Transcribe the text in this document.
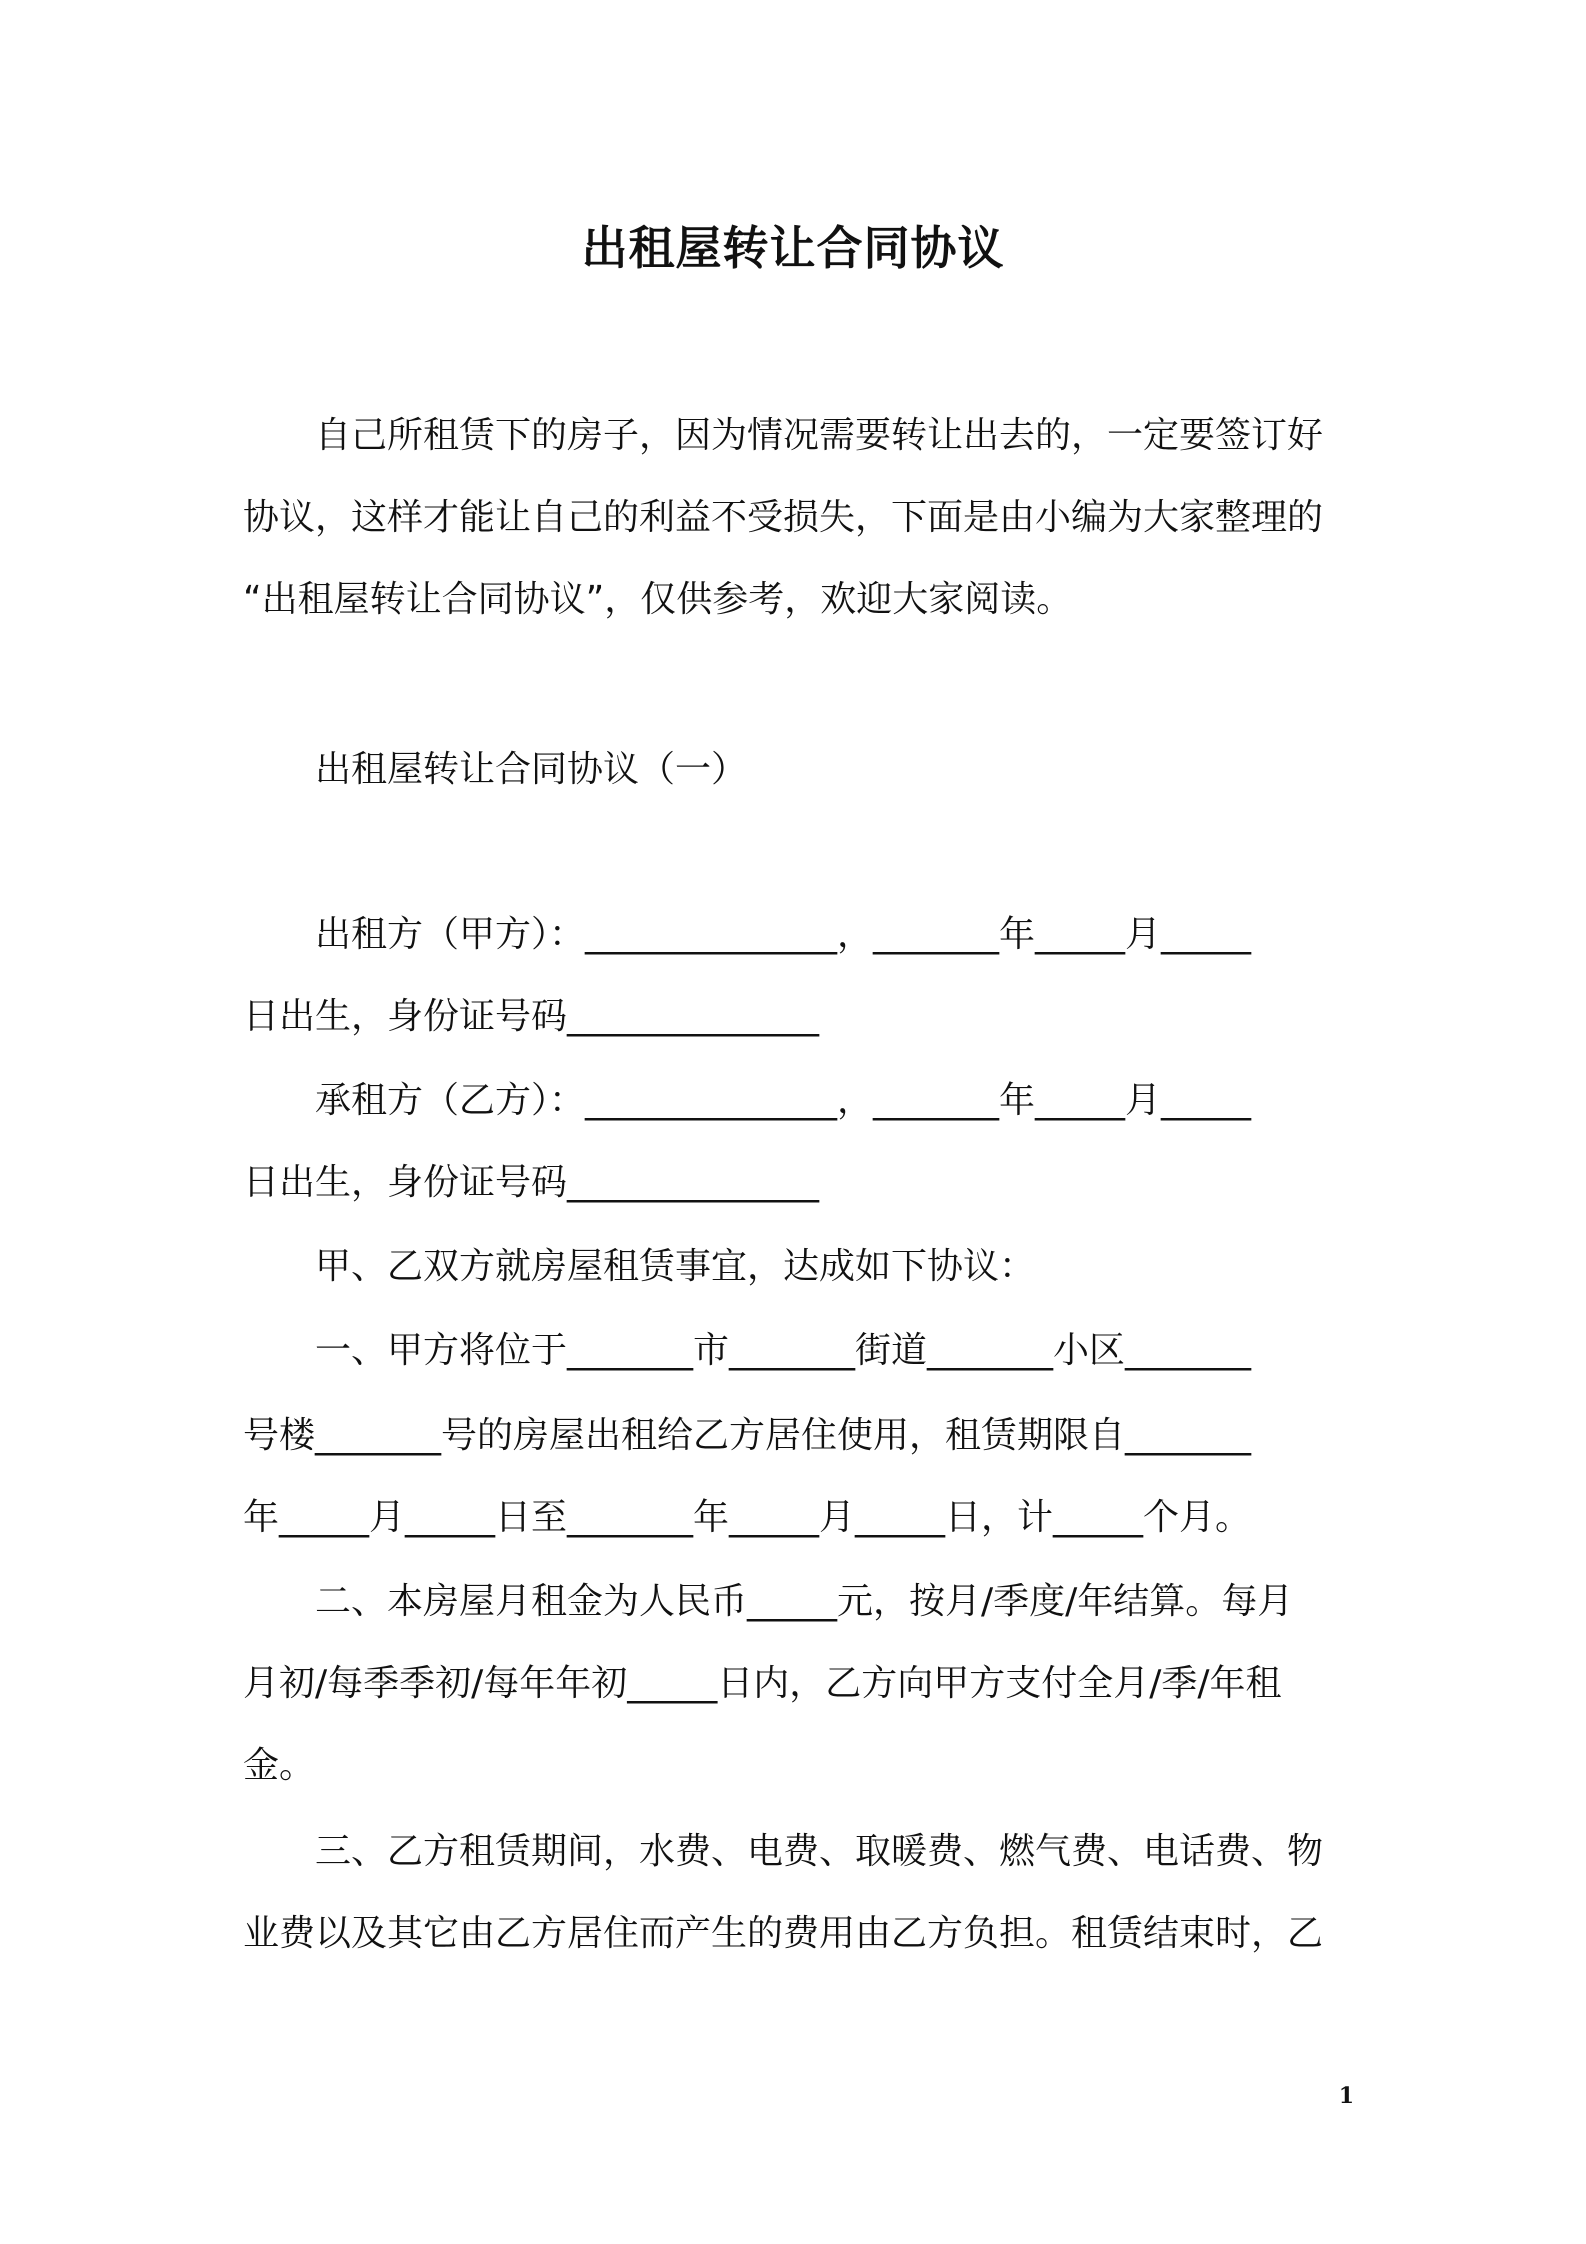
出租屋转让合同协议
　　自己所租赁下的房子，因为情况需要转让出去的，一定要签订好
协议，这样才能让自己的利益不受损失，下面是由小编为大家整理的
“出租屋转让合同协议”，仅供参考，欢迎大家阅读。
　　出租屋转让合同协议（一）
　　出租方（甲方）：______________，_______年_____月_____
日出生，身份证号码______________
　　承租方（乙方）：______________，_______年_____月_____
日出生，身份证号码______________
　　甲、乙双方就房屋租赁事宜，达成如下协议：
　　一、甲方将位于_______市_______街道_______小区_______
号楼_______号的房屋出租给乙方居住使用，租赁期限自_______
年_____月_____日至_______年_____月_____日，计_____个月。
　　二、本房屋月租金为人民币_____元，按月/季度/年结算。每月
月初/每季季初/每年年初_____日内，乙方向甲方支付全月/季/年租
金。
　　三、乙方租赁期间，水费、电费、取暖费、燃气费、电话费、物
业费以及其它由乙方居住而产生的费用由乙方负担。租赁结束时，乙
1
